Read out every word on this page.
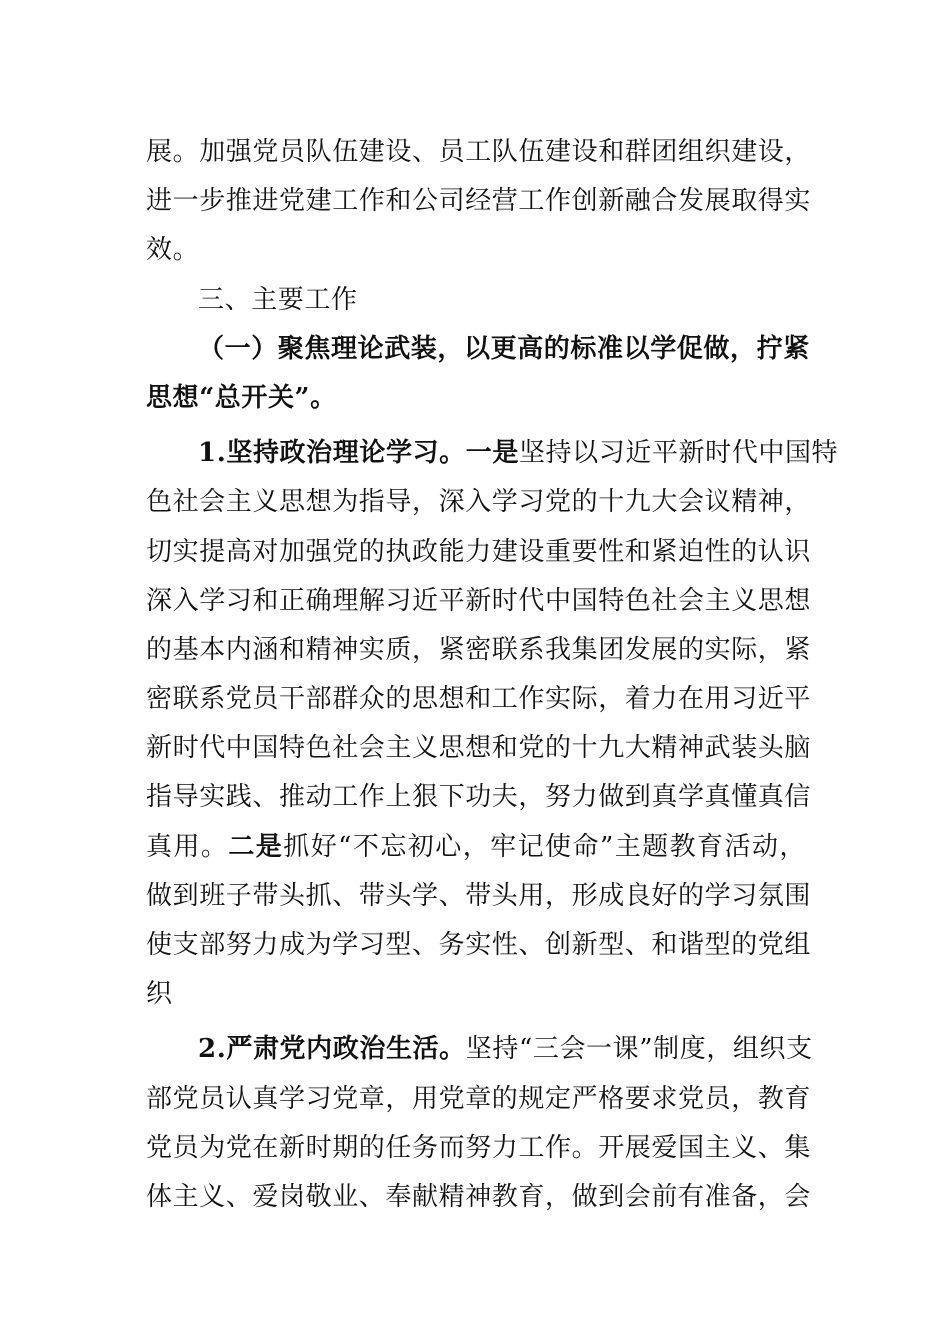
展。加强党员队伍建设、员工队伍建设和群团组织建设，
进一步推进党建工作和公司经营工作创新融合发展取得实
效。
三、主要工作
（一）聚焦理论武装，以更高的标准以学促做，拧紧
思想“总开关”。
1.坚持政治理论学习。一是坚持以习近平新时代中国特
色社会主义思想为指导，深入学习党的十九大会议精神，
切实提高对加强党的执政能力建设重要性和紧迫性的认识
深入学习和正确理解习近平新时代中国特色社会主义思想
的基本内涵和精神实质，紧密联系我集团发展的实际，紧
密联系党员干部群众的思想和工作实际，着力在用习近平
新时代中国特色社会主义思想和党的十九大精神武装头脑
指导实践、推动工作上狠下功夫，努力做到真学真懂真信
真用。二是抓好“不忘初心，牢记使命”主题教育活动，
做到班子带头抓、带头学、带头用，形成良好的学习氛围
使支部努力成为学习型、务实性、创新型、和谐型的党组
织
2.严肃党内政治生活。坚持“三会一课”制度，组织支
部党员认真学习党章，用党章的规定严格要求党员，教育
党员为党在新时期的任务而努力工作。开展爱国主义、集
体主义、爱岗敬业、奉献精神教育，做到会前有准备，会
